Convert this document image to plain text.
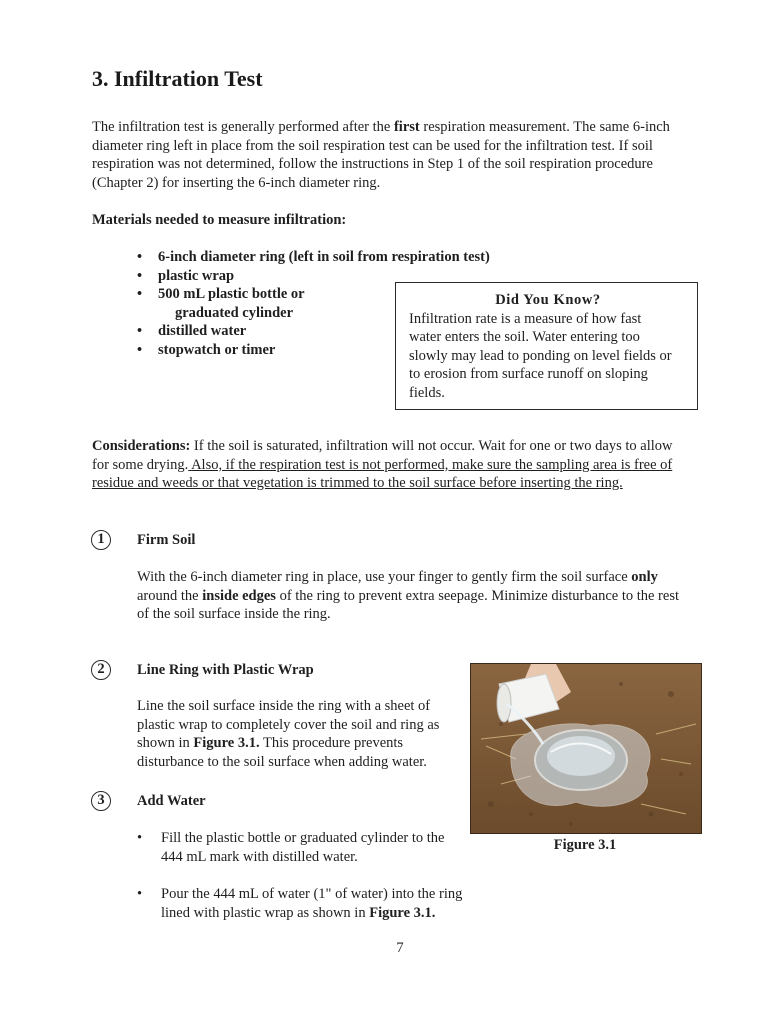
3. Infiltration Test

The infiltration test is generally performed after the first respiration measurement. The same 6-inch diameter ring left in place from the soil respiration test can be used for the infiltration test. If soil respiration was not determined, follow the instructions in Step 1 of the soil respiration procedure (Chapter 2) for inserting the 6-inch diameter ring.

Materials needed to measure infiltration:

• 6-inch diameter ring (left in soil from respiration test)
• plastic wrap
• 500 mL plastic bottle or
graduated cylinder
• distilled water
• stopwatch or timer
Did You Know?
Infiltration rate is a measure of how fast
water enters the soil. Water entering too
slowly may lead to ponding on level fields or
to erosion from surface runoff on sloping
fields.

Considerations: If the soil is saturated, infiltration will not occur. Wait for one or two days to allow for some drying. Also, if the respiration test is not performed, make sure the sampling area is free of residue and weeds or that vegetation is trimmed to the soil surface before inserting the ring.

1	Firm Soil

With the 6-inch diameter ring in place, use your finger to gently firm the soil surface only around the inside edges of the ring to prevent extra seepage. Minimize disturbance to the rest of the soil surface inside the ring.

2	Line Ring with Plastic Wrap

Line the soil surface inside the ring with a sheet of plastic wrap to completely cover the soil and ring as shown in Figure 3.1. This procedure prevents disturbance to the soil surface when adding water.

3	Add Water

• Fill the plastic bottle or graduated cylinder to the 444 mL mark with distilled water.
• Pour the 444 mL of water (1" of water) into the ring lined with plastic wrap as shown in Figure 3.1.

Figure 3.1

7
